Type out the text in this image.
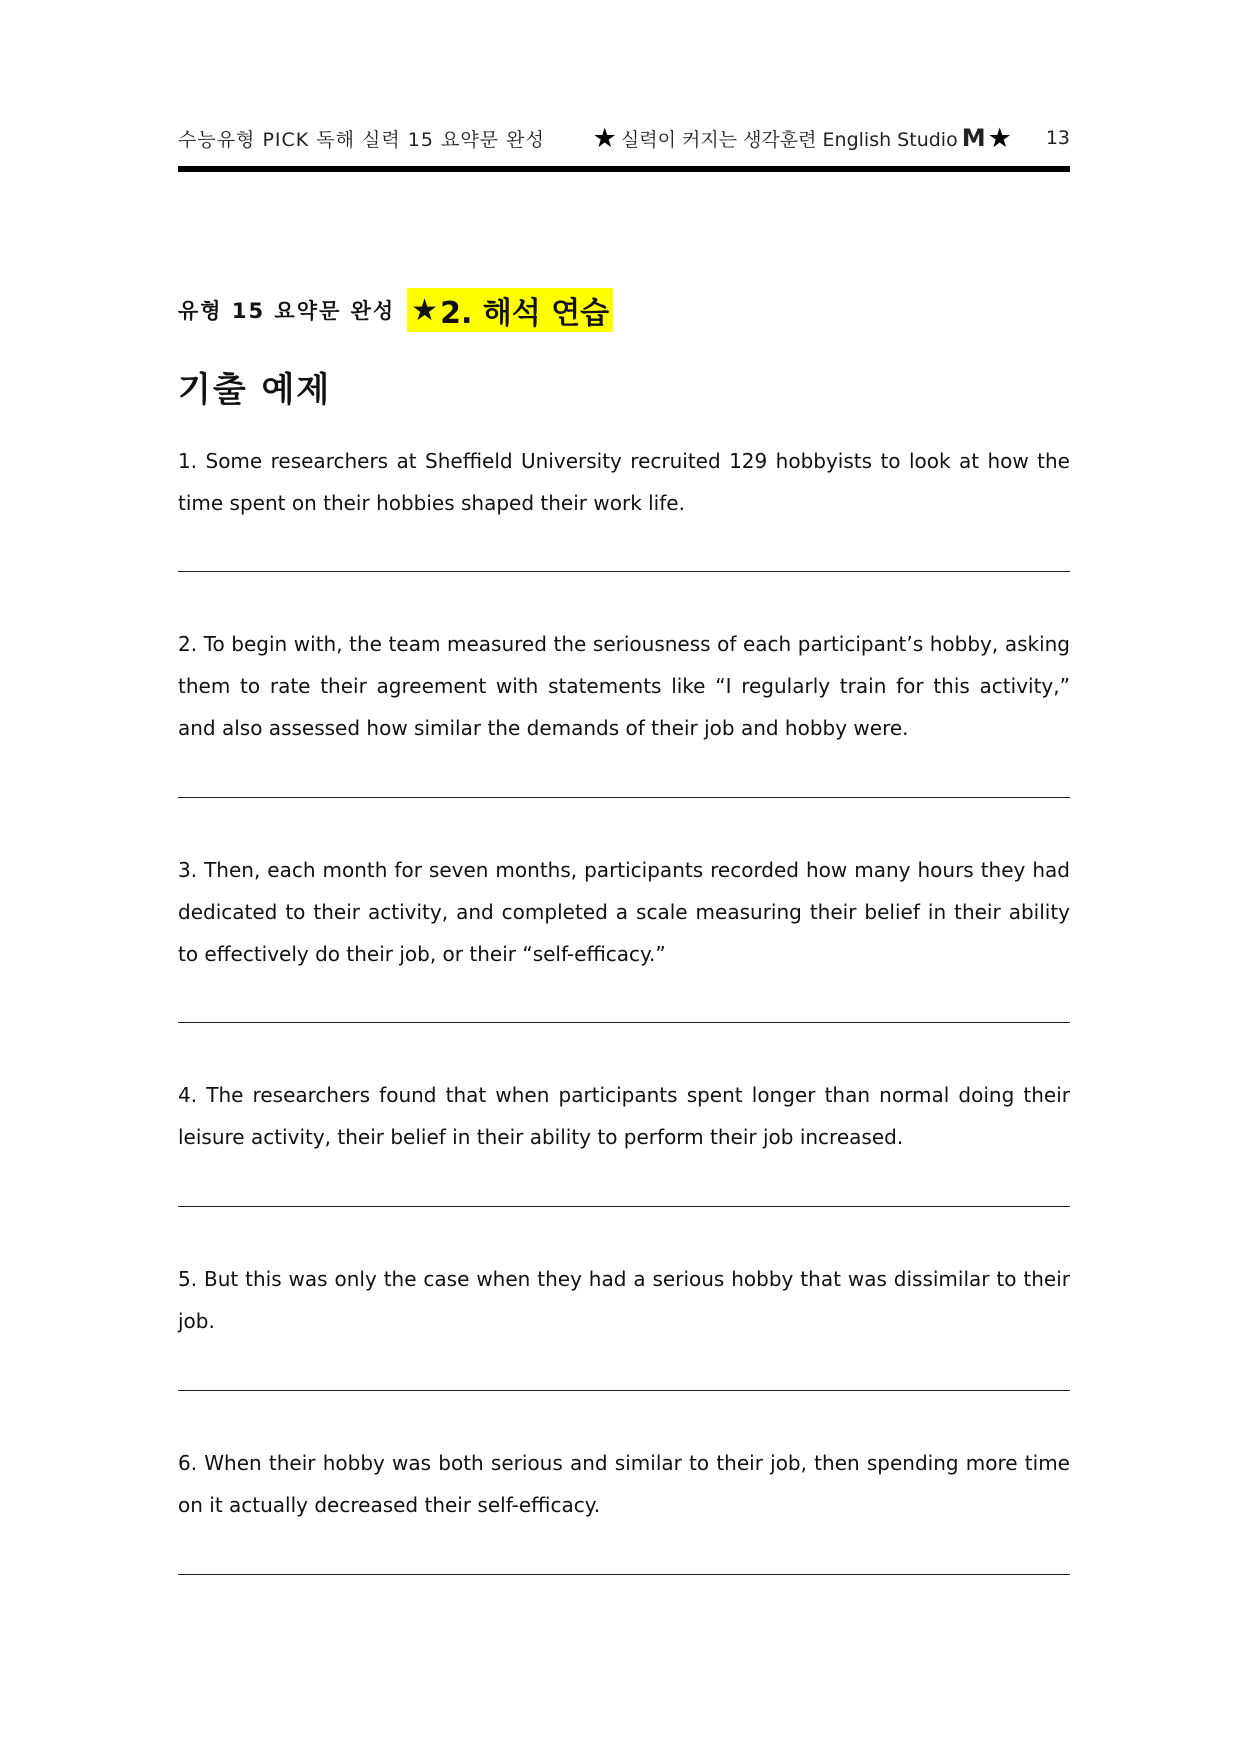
수능유형 PICK 독해 실력 15 요약문 완성 ★ 실력이 커지는 생각훈련 English Studio M ★ 13
유형 15 요약문 완성 ★ 2. 해석 연습
기출 예제
1. Some researchers at Sheffield University recruited 129 hobbyists to look at how the time spent on their hobbies shaped their work life.
2. To begin with, the team measured the seriousness of each participant’s hobby, asking them to rate their agreement with statements like “I regularly train for this activity,” and also assessed how similar the demands of their job and hobby were.
3. Then, each month for seven months, participants recorded how many hours they had dedicated to their activity, and completed a scale measuring their belief in their ability to effectively do their job, or their “self-efficacy.”
4. The researchers found that when participants spent longer than normal doing their leisure activity, their belief in their ability to perform their job increased.
5. But this was only the case when they had a serious hobby that was dissimilar to their job.
6. When their hobby was both serious and similar to their job, then spending more time on it actually decreased their self-efficacy.
